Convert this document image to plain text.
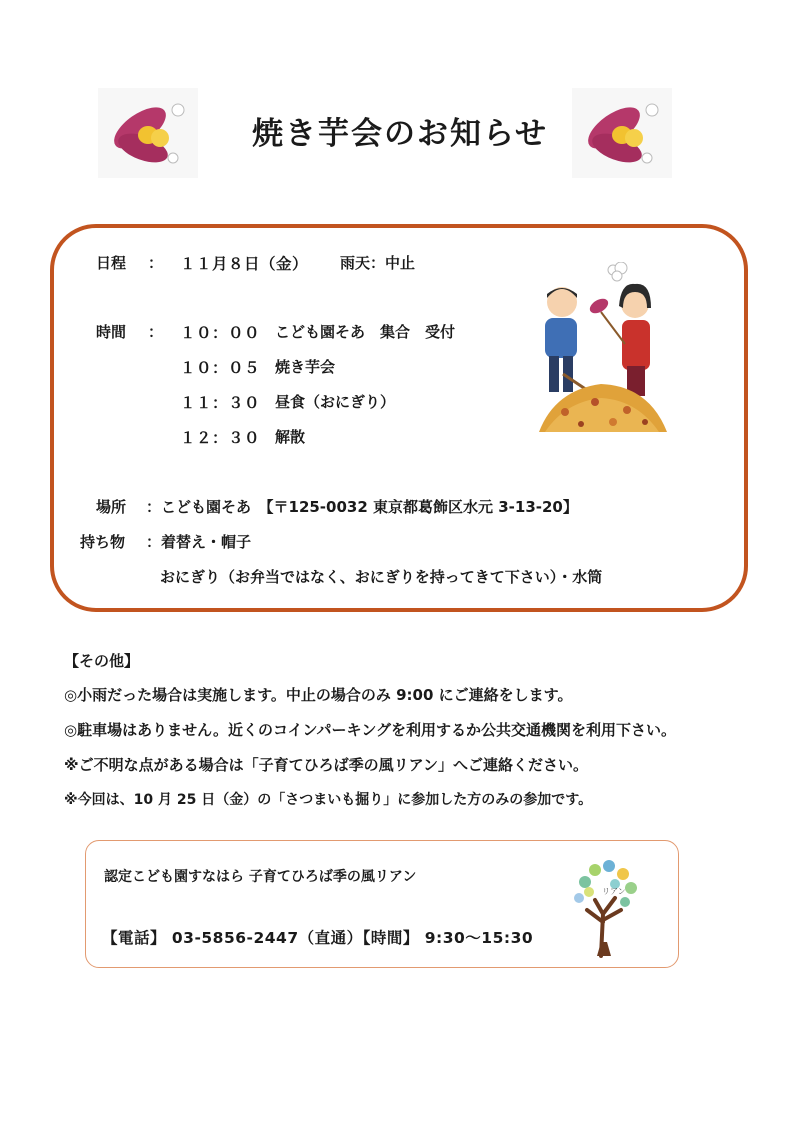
焼き芋会のお知らせ
日程 ： １１月８日（金） 雨天：中止
時間 ： １０：００ こども園そあ　集合　受付
１０：０５ 焼き芋会
１１：３０ 昼食（おにぎり）
１２：３０ 解散
場所 ：こども園そあ　【〒125-0032 東京都葛飾区水元 3-13-20】
持ち物 ：着替え・帽子
おにぎり（お弁当ではなく、おにぎりを持ってきて下さい）・水筒
【その他】
◎小雨だった場合は実施します。中止の場合のみ 9:00 にご連絡をします。
◎駐車場はありません。近くのコインパーキングを利用するか公共交通機関を利用下さい。
※ご不明な点がある場合は「子育てひろば季の風リアン」へご連絡ください。
※今回は、10 月 25 日（金）の「さつまいも掘り」に参加した方のみの参加です。
認定こども園すなはら 子育てひろば季の風リアン
【電話】 03-5856-2447（直通）【時間】 9:30～15:30
リアン
